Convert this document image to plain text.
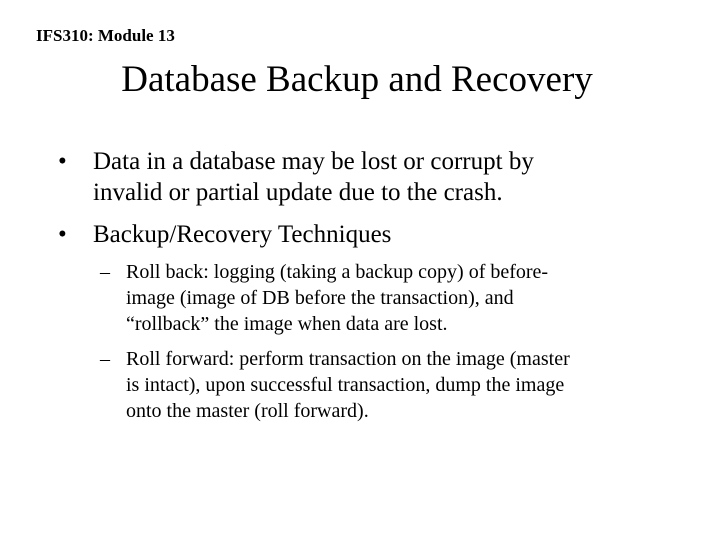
IFS310: Module 13
Database Backup and Recovery
•	Data in a database may be lost or corrupt by
invalid or partial update due to the crash.
•	Backup/Recovery Techniques
– Roll back: logging (taking a backup copy) of before-
image (image of DB before the transaction), and
“rollback” the image when data are lost.
– Roll forward: perform transaction on the image (master
is intact), upon successful transaction, dump the image
onto the master (roll forward).
